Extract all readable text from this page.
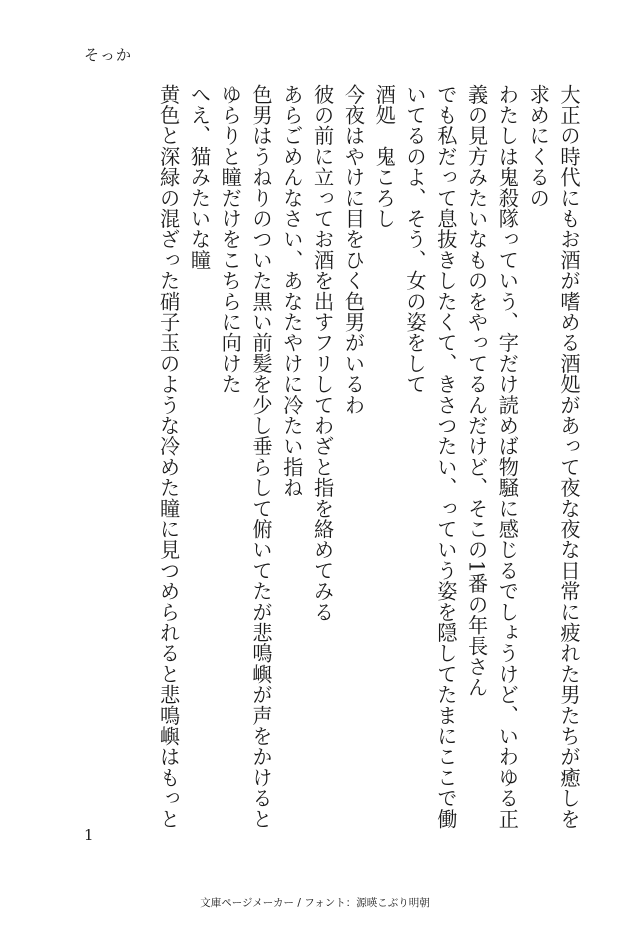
そっか
大正の時代にもお酒が嗜める酒処があって夜な夜な日常に疲れた男たちが癒しを
求めにくるの
わたしは鬼殺隊っていう、字だけ読めば物騒に感じるでしょうけど、いわゆる正
義の見方みたいなものをやってるんだけど、そこの1番の年長さん
でも私だって息抜きしたくて、きさつたい、っていう姿を隠してたまにここで働
いてるのよ、そう、女の姿をして
酒処　鬼ころし
今夜はやけに目をひく色男がいるわ
彼の前に立ってお酒を出すフリしてわざと指を絡めてみる
あらごめんなさい、あなたやけに冷たい指ね
色男はうねりのついた黒い前髪を少し垂らして俯いてたが悲鳴嶼が声をかけると
ゆらりと瞳だけをこちらに向けた
へえ、猫みたいな瞳
黄色と深緑の混ざった硝子玉のような冷めた瞳に見つめられると悲鳴嶼はもっと
1
文庫ページメーカー / フォント：源暎こぶり明朝
